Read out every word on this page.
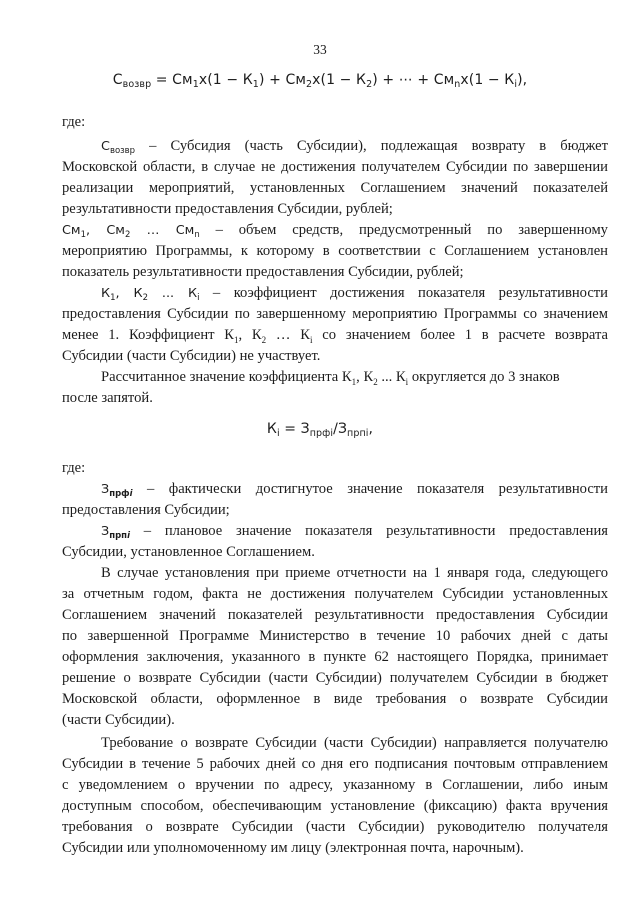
33
$С_{возвр} = См_1х(1 - К_1) + См_2х(1 - К_2)$ + ⋯ + $См_nх(1 - К_i)$,
где:
$С_{возвр}$ – Субсидия (часть Субсидии), подлежащая возврату в бюджет
Московской области, в случае не достижения получателем Субсидии по завершении
реализации мероприятий, установленных Соглашением значений показателей
результативности предоставления Субсидии, рублей;
$См_1$, $См_2$ … $См_n$ – объем средств, предусмотренный по завершенному
мероприятию Программы, к которому в соответствии с Соглашением установлен
показатель результативности предоставления Субсидии, рублей;
$К_1$, $К_2$ ... $К_i$ – коэффициент достижения показателя результативности
предоставления Субсидии по завершенному мероприятию Программы со значением
менее 1. Коэффициент $К_1$, $К_2$ … $К_i$ со значением более 1 в расчете возврата
Субсидии (части Субсидии) не участвует.
Рассчитанное значение коэффициента $К_1$, $К_2$ ... $К_i$ округляется до 3 знаков
после запятой.
$К_i = З_{прфi}/З_{прпi}$,
где:
$З_{прфi}$ – фактически достигнутое значение показателя результативности
предоставления Субсидии;
$З_{прпi}$ – плановое значение показателя результативности предоставления
Субсидии, установленное Соглашением.
В случае установления при приеме отчетности на 1 января года, следующего
за отчетным годом, факта не достижения получателем Субсидии установленных
Соглашением значений показателей результативности предоставления Субсидии
по завершенной Программе Министерство в течение 10 рабочих дней с даты
оформления заключения, указанного в пункте 62 настоящего Порядка, принимает
решение о возврате Субсидии (части Субсидии) получателем Субсидии в бюджет
Московской области, оформленное в виде требования о возврате Субсидии
(части Субсидии).
Требование о возврате Субсидии (части Субсидии) направляется получателю
Субсидии в течение 5 рабочих дней со дня его подписания почтовым отправлением
с уведомлением о вручении по адресу, указанному в Соглашении, либо иным
доступным способом, обеспечивающим установление (фиксацию) факта вручения
требования о возврате Субсидии (части Субсидии) руководителю получателя
Субсидии или уполномоченному им лицу (электронная почта, нарочным).
